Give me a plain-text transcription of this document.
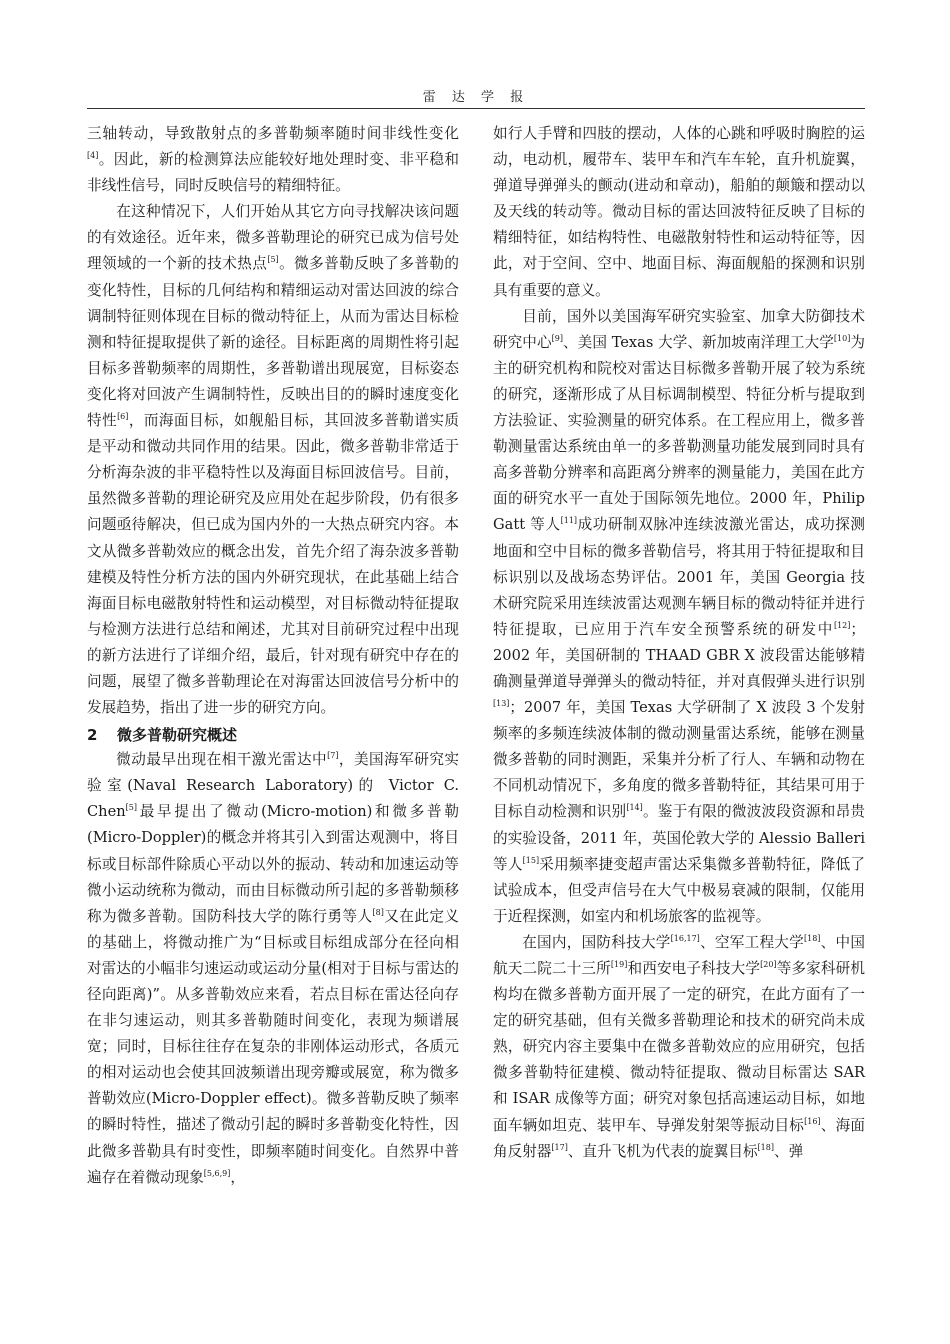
雷 达 学 报

三轴转动，导致散射点的多普勒频率随时间非线性变化[4]。因此，新的检测算法应能较好地处理时变、非平稳和非线性信号，同时反映信号的精细特征。

在这种情况下，人们开始从其它方向寻找解决该问题的有效途径。近年来，微多普勒理论的研究已成为信号处理领域的一个新的技术热点[5]。微多普勒反映了多普勒的变化特性，目标的几何结构和精细运动对雷达回波的综合调制特征则体现在目标的微动特征上，从而为雷达目标检测和特征提取提供了新的途径。目标距离的周期性将引起目标多普勒频率的周期性，多普勒谱出现展宽，目标姿态变化将对回波产生调制特性，反映出目的的瞬时速度变化特性[6]，而海面目标，如舰船目标，其回波多普勒谱实质是平动和微动共同作用的结果。因此，微多普勒非常适于分析海杂波的非平稳特性以及海面目标回波信号。目前，虽然微多普勒的理论研究及应用处在起步阶段，仍有很多问题亟待解决，但已成为国内外的一大热点研究内容。本文从微多普勒效应的概念出发，首先介绍了海杂波多普勒建模及特性分析方法的国内外研究现状，在此基础上结合海面目标电磁散射特性和运动模型，对目标微动特征提取与检测方法进行总结和阐述，尤其对目前研究过程中出现的新方法进行了详细介绍，最后，针对现有研究中存在的问题，展望了微多普勒理论在对海雷达回波信号分析中的发展趋势，指出了进一步的研究方向。

2 微多普勒研究概述

微动最早出现在相干激光雷达中[7]，美国海军研究实验室(Naval Research Laboratory)的 Victor C. Chen[5]最早提出了微动(Micro-motion)和微多普勒(Micro-Doppler)的概念并将其引入到雷达观测中，将目标或目标部件除质心平动以外的振动、转动和加速运动等微小运动统称为微动，而由目标微动所引起的多普勒频移称为微多普勒。国防科技大学的陈行勇等人[8]又在此定义的基础上，将微动推广为“目标或目标组成部分在径向相对雷达的小幅非匀速运动或运动分量(相对于目标与雷达的径向距离)”。从多普勒效应来看，若点目标在雷达径向存在非匀速运动，则其多普勒随时间变化，表现为频谱展宽；同时，目标往往存在复杂的非刚体运动形式，各质元的相对运动也会使其回波频谱出现旁瓣或展宽，称为微多普勒效应(Micro-Doppler effect)。微多普勒反映了频率的瞬时特性，描述了微动引起的瞬时多普勒变化特性，因此微多普勒具有时变性，即频率随时间变化。自然界中普遍存在着微动现象[5,6,9]，

如行人手臂和四肢的摆动，人体的心跳和呼吸时胸腔的运动，电动机，履带车、装甲车和汽车车轮，直升机旋翼，弹道导弹弹头的颤动(进动和章动)，船舶的颠簸和摆动以及天线的转动等。微动目标的雷达回波特征反映了目标的精细特征，如结构特性、电磁散射特性和运动特征等，因此，对于空间、空中、地面目标、海面舰船的探测和识别具有重要的意义。

目前，国外以美国海军研究实验室、加拿大防御技术研究中心[9]、美国 Texas 大学、新加坡南洋理工大学[10]为主的研究机构和院校对雷达目标微多普勒开展了较为系统的研究，逐渐形成了从目标调制模型、特征分析与提取到方法验证、实验测量的研究体系。在工程应用上，微多普勒测量雷达系统由单一的多普勒测量功能发展到同时具有高多普勒分辨率和高距离分辨率的测量能力，美国在此方面的研究水平一直处于国际领先地位。2000 年，Philip Gatt 等人[11]成功研制双脉冲连续波激光雷达，成功探测地面和空中目标的微多普勒信号，将其用于特征提取和目标识别以及战场态势评估。2001 年，美国 Georgia 技术研究院采用连续波雷达观测车辆目标的微动特征并进行特征提取，已应用于汽车安全预警系统的研发中[12]；2002 年，美国研制的 THAAD GBR X 波段雷达能够精确测量弹道导弹弹头的微动特征，并对真假弹头进行识别[13]；2007 年，美国 Texas 大学研制了 X 波段 3 个发射频率的多频连续波体制的微动测量雷达系统，能够在测量微多普勒的同时测距，采集并分析了行人、车辆和动物在不同机动情况下，多角度的微多普勒特征，其结果可用于目标自动检测和识别[14]。鉴于有限的微波波段资源和昂贵的实验设备，2011 年，英国伦敦大学的 Alessio Balleri 等人[15]采用频率捷变超声雷达采集微多普勒特征，降低了试验成本，但受声信号在大气中极易衰减的限制，仅能用于近程探测，如室内和机场旅客的监视等。

在国内，国防科技大学[16,17]、空军工程大学[18]、中国航天二院二十三所[19]和西安电子科技大学[20]等多家科研机构均在微多普勒方面开展了一定的研究，在此方面有了一定的研究基础，但有关微多普勒理论和技术的研究尚未成熟，研究内容主要集中在微多普勒效应的应用研究，包括微多普勒特征建模、微动特征提取、微动目标雷达 SAR 和 ISAR 成像等方面；研究对象包括高速运动目标，如地面车辆如坦克、装甲车、导弹发射架等振动目标[16]、海面角反射器[17]、直升飞机为代表的旋翼目标[18]、弹
